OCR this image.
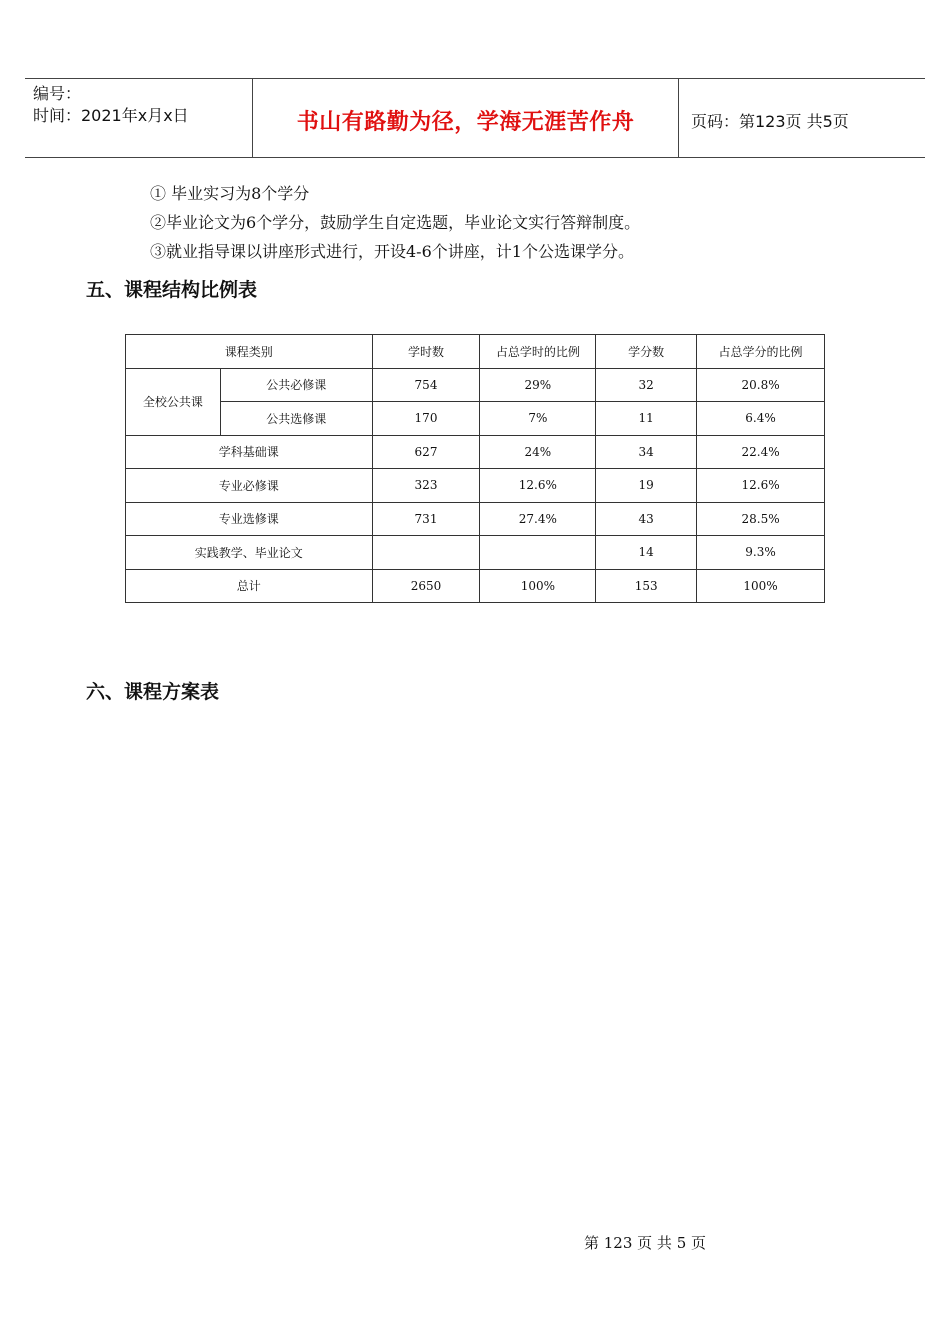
编号：
时间：2021年x月x日	书山有路勤为径，学海无涯苦作舟	页码：第123页 共5页
① 毕业实习为8个学分
②毕业论文为6个学分，鼓励学生自定选题，毕业论文实行答辩制度。
③就业指导课以讲座形式进行，开设4-6个讲座，计1个公选课学分。
五、课程结构比例表
课程类别		学时数	占总学时的比例	学分数	占总学分的比例
全校公共课	公共必修课	754	29%	32	20.8%
	公共选修课	170	7%	11	6.4%
学科基础课		627	24%	34	22.4%
专业必修课		323	12.6%	19	12.6%
专业选修课		731	27.4%	43	28.5%
实践教学、毕业论文				14	9.3%
总计		2650	100%	153	100%
六、课程方案表
第 123 页 共 5 页
